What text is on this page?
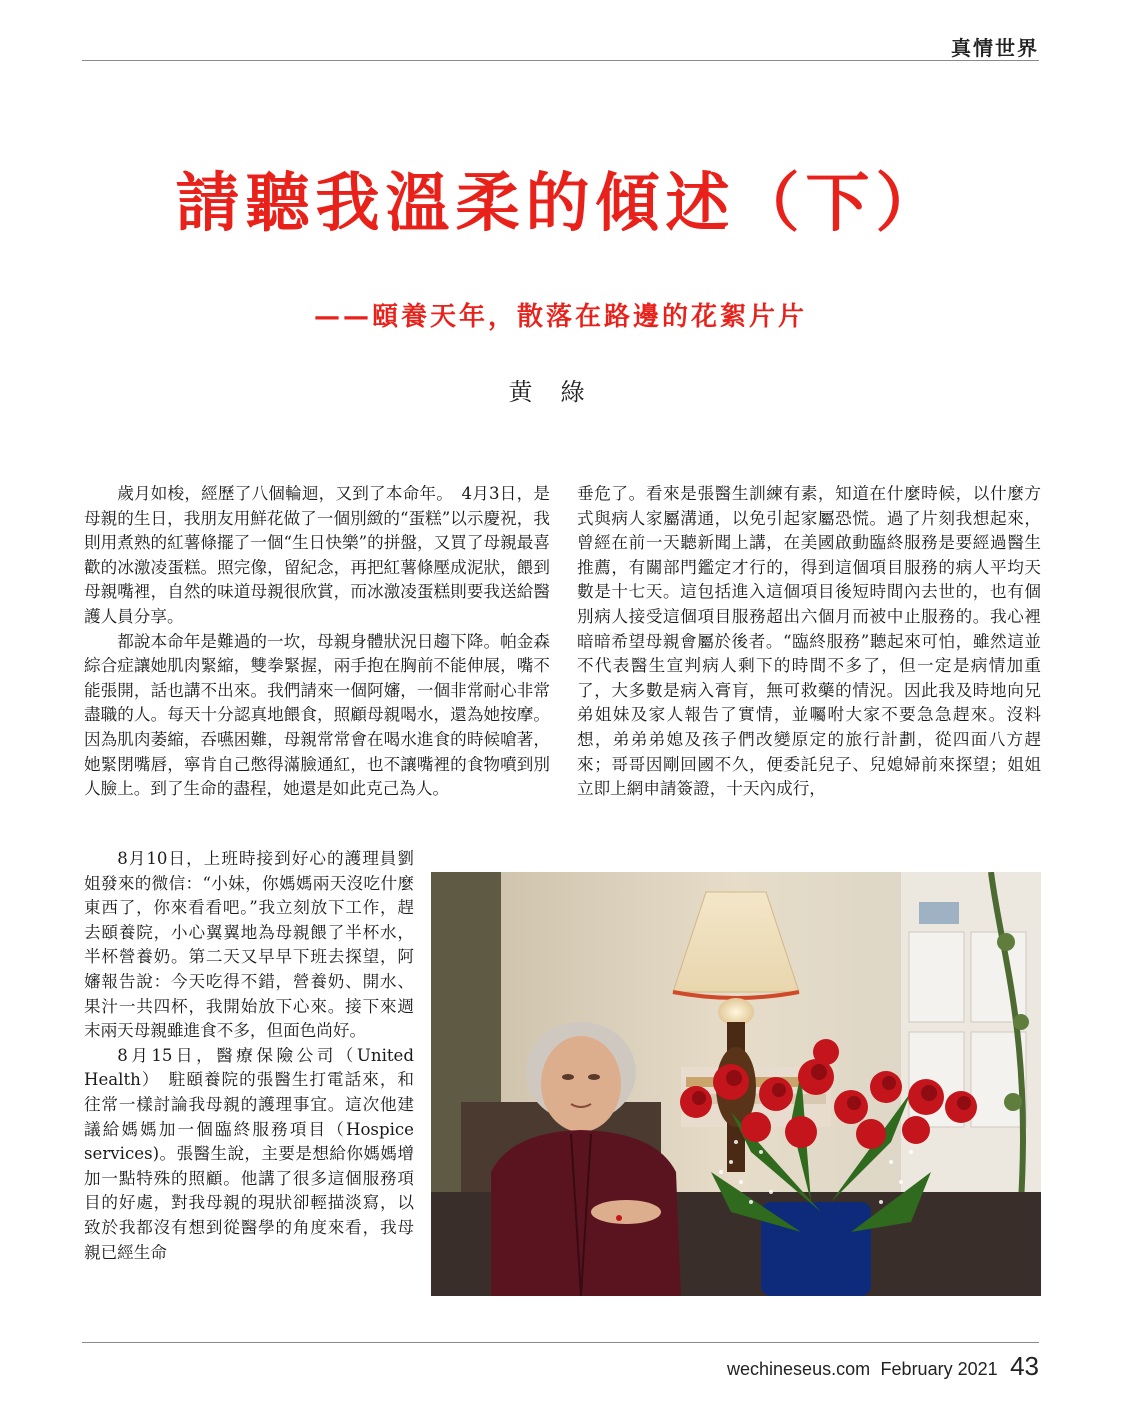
真情世界
請聽我溫柔的傾述（下）
——頤養天年，散落在路邊的花絮片片
黄綠

歲月如梭，經歷了八個輪迴，又到了本命年。　4月3日，是母親的生日，我朋友用鮮花做了一個別緻的“蛋糕”以示慶祝，我則用煮熟的紅薯條擺了一個“生日快樂”的拼盤，又買了母親最喜歡的冰激凌蛋糕。照完像，留紀念，再把紅薯條壓成泥狀，餵到母親嘴裡，自然的味道母親很欣賞，而冰激凌蛋糕則要我送給醫護人員分享。

都說本命年是難過的一坎，母親身體狀況日趨下降。帕金森綜合症讓她肌肉緊縮，雙拳緊握，兩手抱在胸前不能伸展，嘴不能張開，話也講不出來。我們請來一個阿嬸，一個非常耐心非常盡職的人。每天十分認真地餵食，照顧母親喝水，還為她按摩。因為肌肉萎縮，吞嚥困難，母親常常會在喝水進食的時候嗆著，她緊閉嘴唇，寧肯自己憋得滿臉通紅，也不讓嘴裡的食物噴到別人臉上。到了生命的盡程，她還是如此克己為人。

8月10日，上班時接到好心的護理員劉姐發來的微信：“小妹，你媽媽兩天沒吃什麼東西了，你來看看吧。”我立刻放下工作，趕去頤養院，小心翼翼地為母親餵了半杯水，半杯營養奶。第二天又早早下班去探望，阿嬸報告說：今天吃得不錯，營養奶、開水、果汁一共四杯，我開始放下心來。接下來週末兩天母親雖進食不多，但面色尚好。

8月15日，醫療保險公司（United Health）　駐頤養院的張醫生打電話來，和往常一樣討論我母親的護理事宜。這次他建議給媽媽加一個臨終服務項目（Hospice services)。張醫生說，主要是想給你媽媽增加一點特殊的照顧。他講了很多這個服務項目的好處，對我母親的現狀卻輕描淡寫，以致於我都沒有想到從醫學的角度來看，我母親已經生命

垂危了。看來是張醫生訓練有素，知道在什麼時候，以什麼方式與病人家屬溝通，以免引起家屬恐慌。過了片刻我想起來，曾經在前一天聽新聞上講，在美國啟動臨終服務是要經過醫生推薦，有關部門鑑定才行的，得到這個項目服務的病人平均天數是十七天。這包括進入這個項目後短時間內去世的，也有個別病人接受這個項目服務超出六個月而被中止服務的。我心裡暗暗希望母親會屬於後者。“臨終服務”聽起來可怕，雖然這並不代表醫生宣判病人剩下的時間不多了，但一定是病情加重了，大多數是病入膏肓，無可救藥的情況。因此我及時地向兄弟姐妹及家人報告了實情，並囑咐大家不要急急趕來。沒料想，弟弟弟媳及孩子們改變原定的旅行計劃，從四面八方趕來；哥哥因剛回國不久，便委託兒子、兒媳婦前來探望；姐姐立即上網申請簽證，十天內成行，

wechineseus.com February 2021 43
